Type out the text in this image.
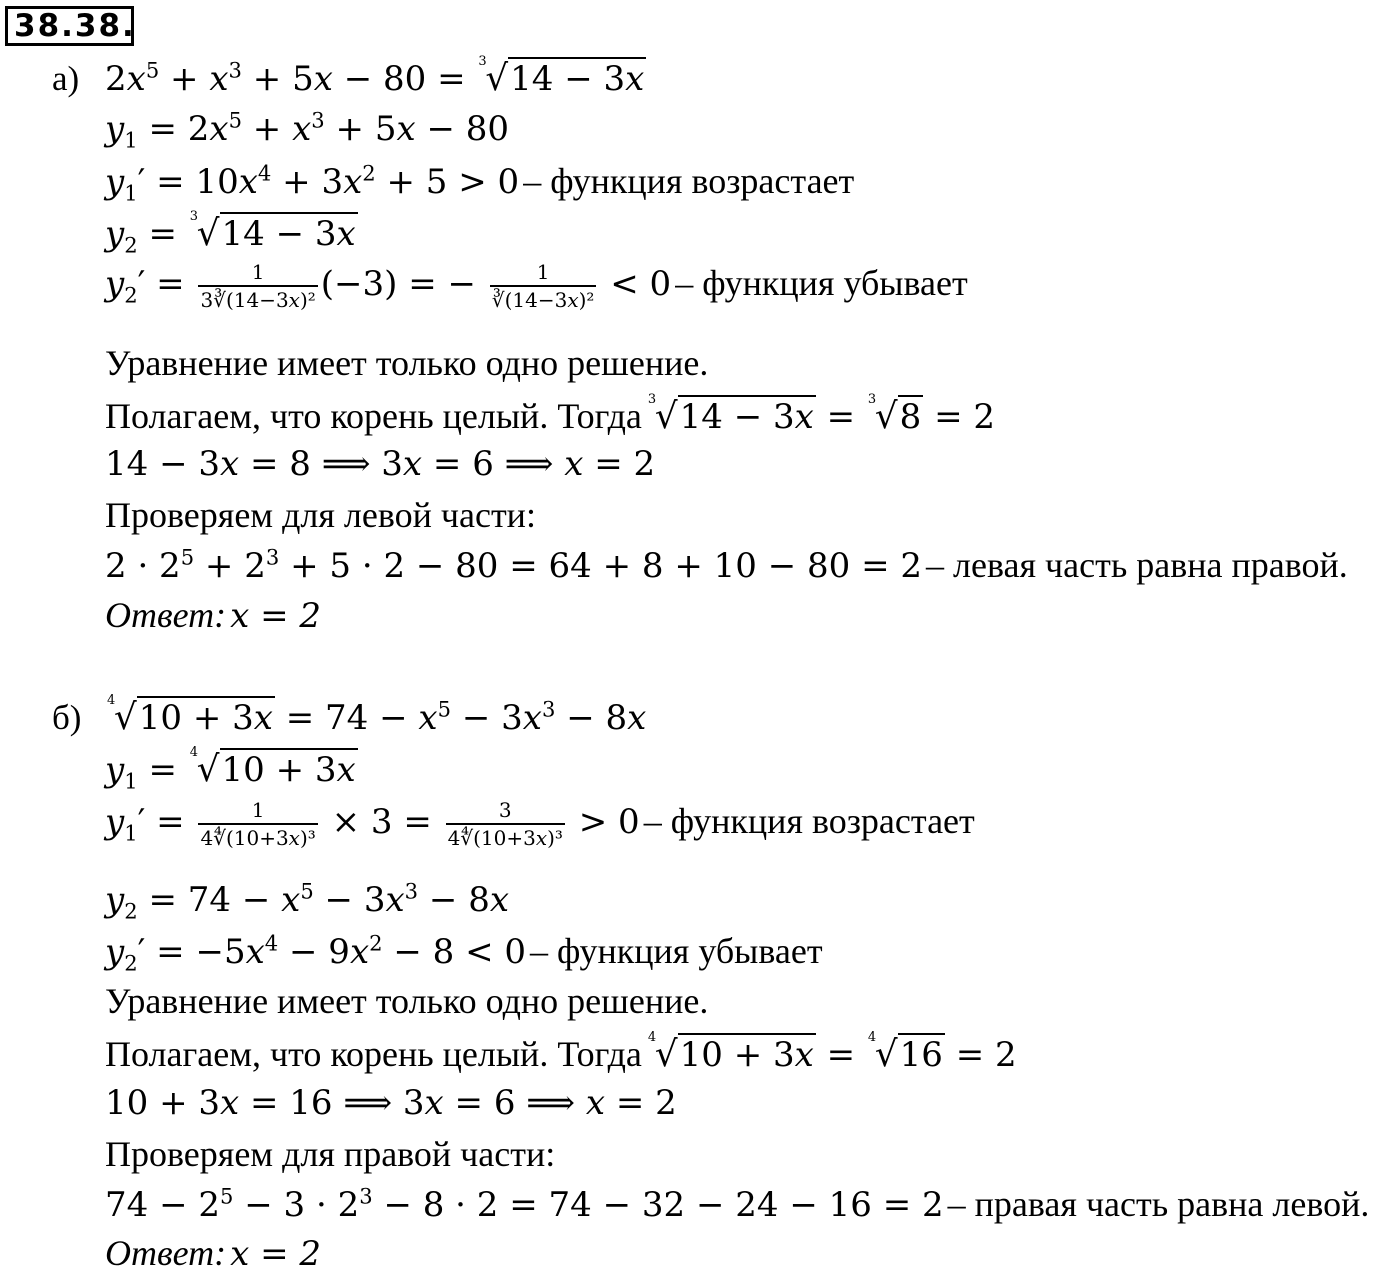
38.38.
а) $2x^5 + x^3 + 5x - 80 = 3$
√14 − 3x
$y_1 = 2x^5 + x^3 + 5x - 80$
$y_1' = 10x^4 + 3x^2 + 5 > 0$ – функция возрастает
$y_2 = 3$
√14 − 3x
$y_2' = \frac{1}{\text{3∛(14−3x)²}} (-3)$ = − $\frac{1}{\text{∛(14−3x)²}} < 0$ – функция убывает
Уравнение имеет только одно решение.
Полагаем, что корень целый. Тогда 3
√14 − 3x = 3
√8 = 2
14 − 3x = 8 ⟹ 3x = 6 ⟹ x = 2
Проверяем для левой части:
$2 \cdot 2^5 + 2^3 + 5 \cdot 2 - 80 = 64 + 8 + 10 - 80 = 2$ – левая часть равна правой.
Ответ: x = 2
б) 4
$√10 + 3x = 74 - x^5 - 3x^3 - 8x$
$y_1 = 4$
√10 + 3x
$y_1' = \frac{1}{\text{4∜(10+3x)³}} \times 3 = \frac{3}{\text{4∜(10+3x)³}} > 0$ – функция возрастает
$y_2 = 74 - x^5 - 3x^3 - 8x$
$y_2' = -5x^4 - 9x^2 - 8 < 0$ – функция убывает
Уравнение имеет только одно решение.
Полагаем, что корень целый. Тогда 4
√10 + 3x = 4
√16 = 2
10 + 3x = 16 ⟹ 3x = 6 ⟹ x = 2
Проверяем для правой части:
$74 - 2^5 - 3 \cdot 2^3 - 8 \cdot 2 = 74 - 32 - 24 - 16 = 2$ – правая часть равна левой.
Ответ: x = 2
